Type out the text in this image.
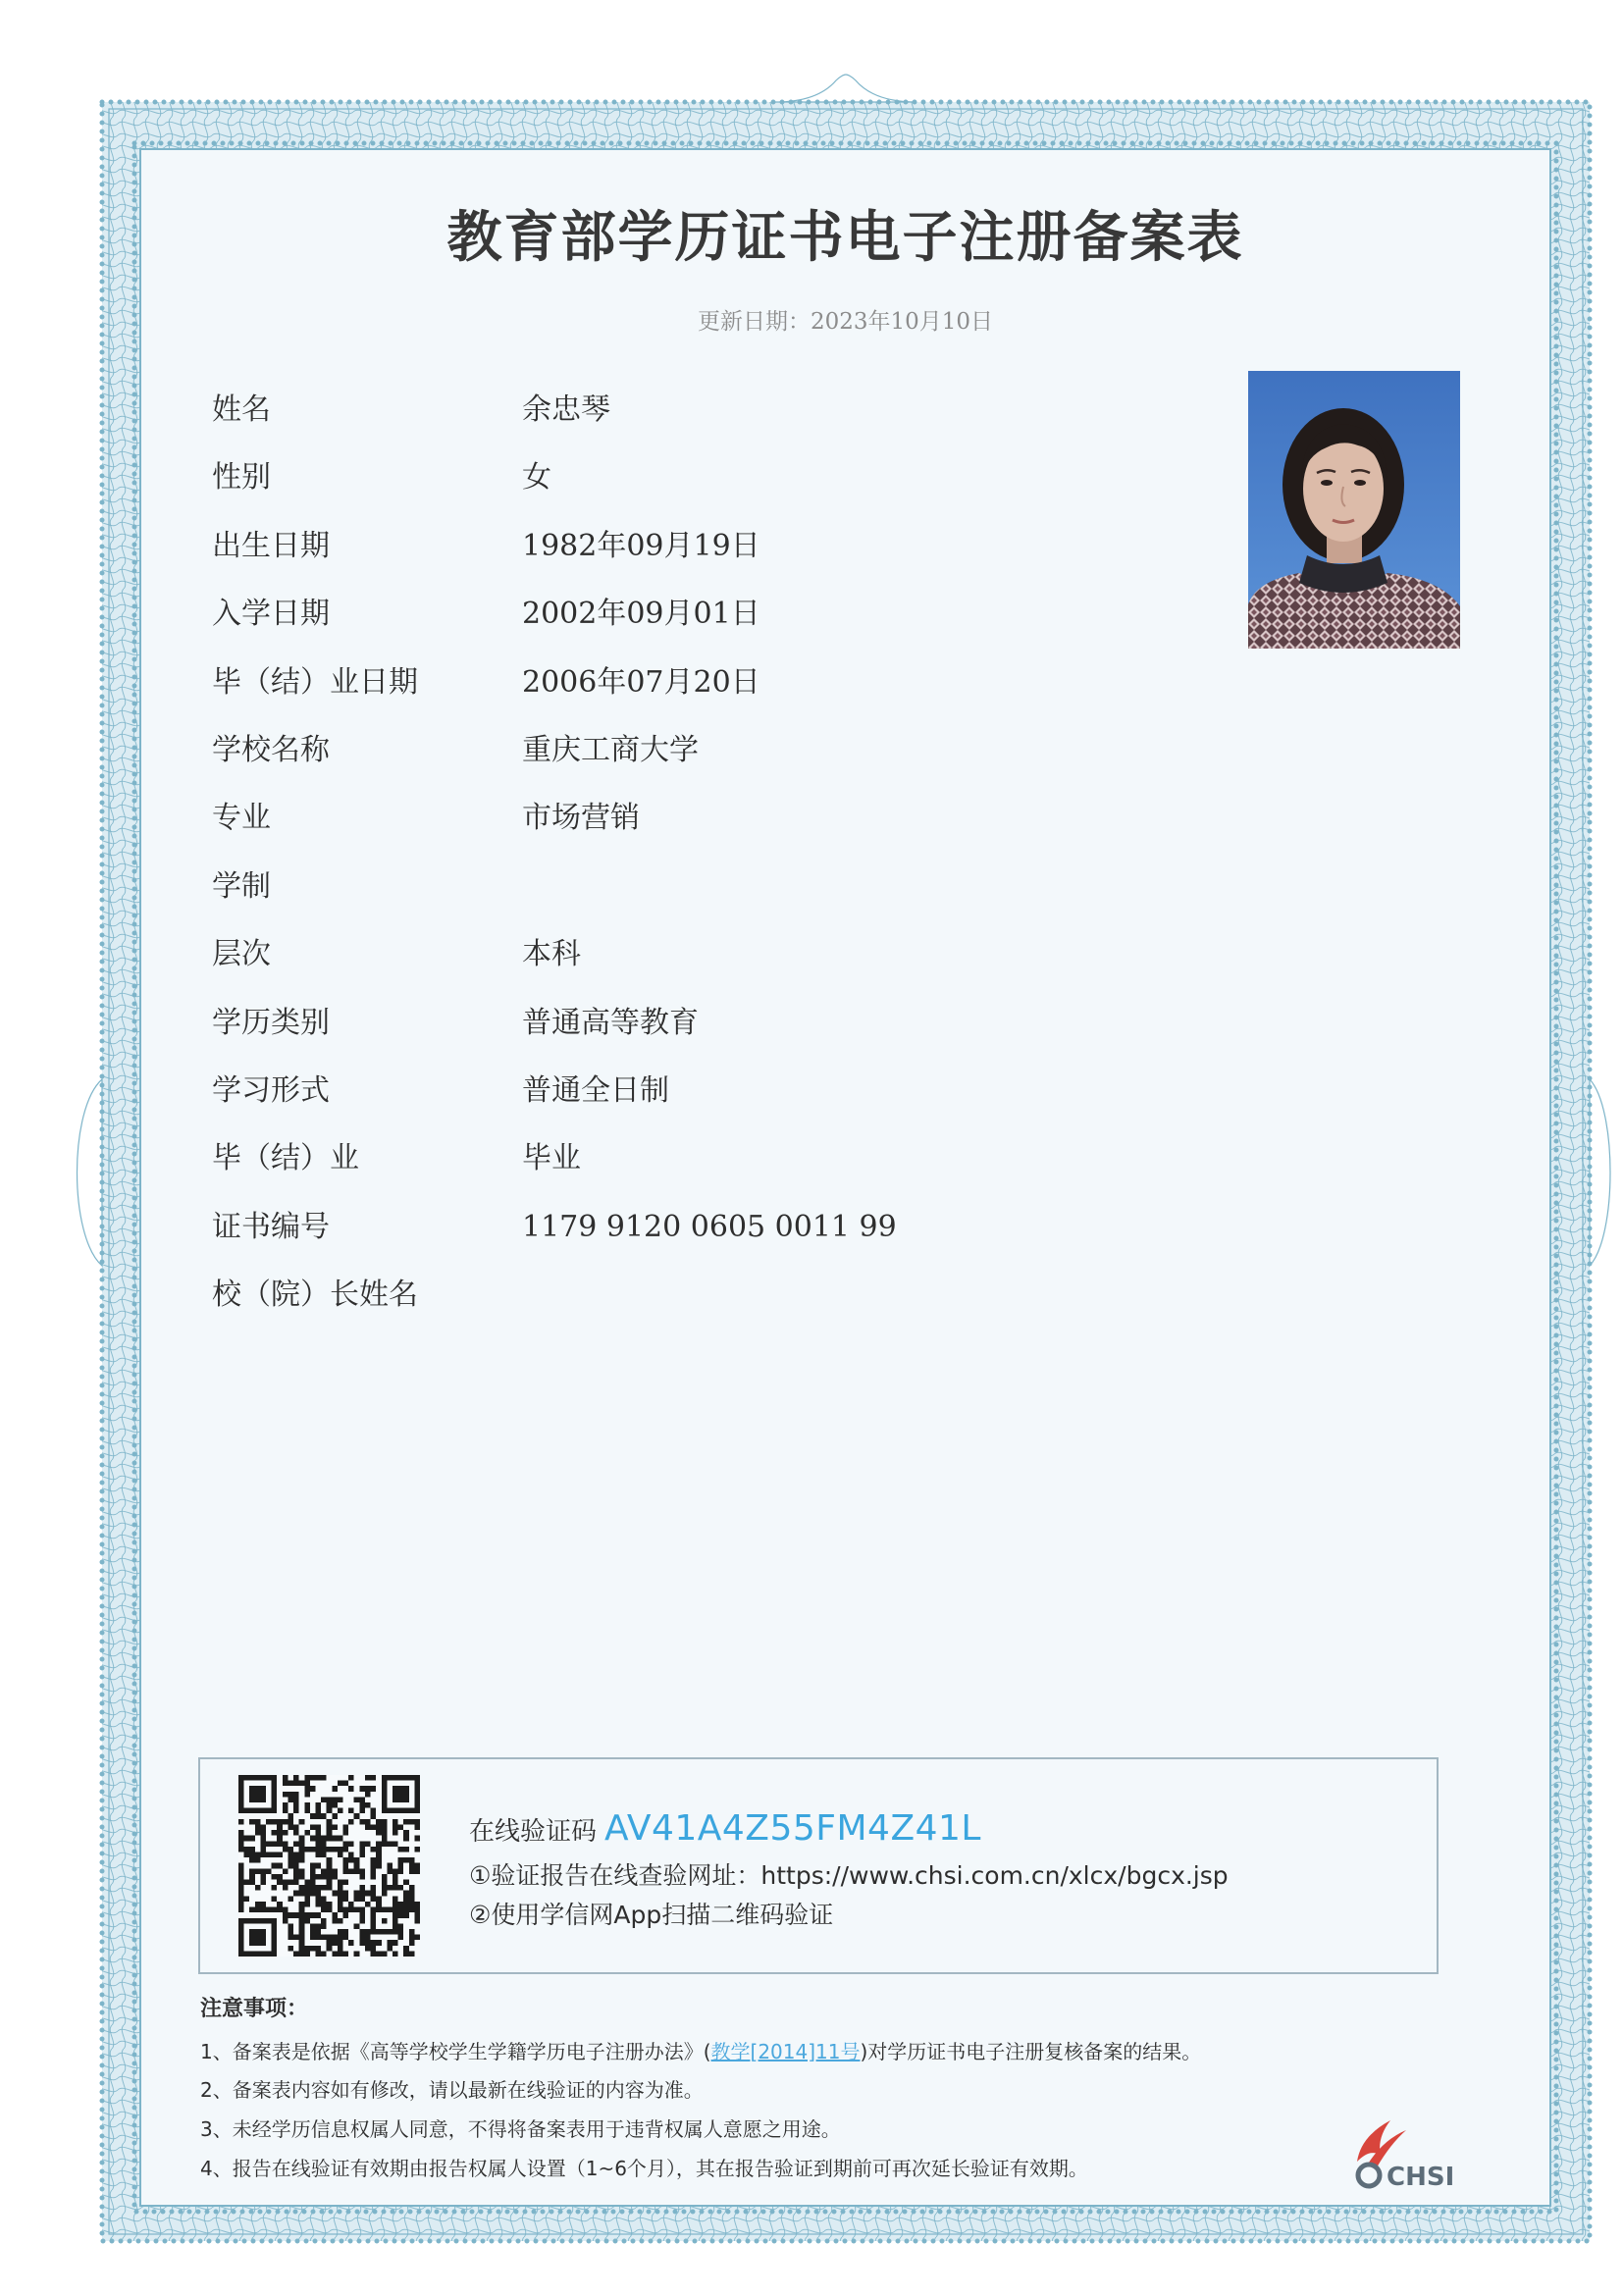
教育部学历证书电子注册备案表
更新日期：2023年10月10日
姓名	余忠琴
性别	女
出生日期	1982年09月19日
入学日期	2002年09月01日
毕（结）业日期	2006年07月20日
学校名称	重庆工商大学
专业	市场营销
学制
层次	本科
学历类别	普通高等教育
学习形式	普通全日制
毕（结）业	毕业
证书编号	1179 9120 0605 0011 99
校（院）长姓名
在线验证码 AV41A4Z55FM4Z41L
①验证报告在线查验网址：https://www.chsi.com.cn/xlcx/bgcx.jsp
②使用学信网App扫描二维码验证
注意事项：
1、备案表是依据《高等学校学生学籍学历电子注册办法》(教学[2014]11号)对学历证书电子注册复核备案的结果。
2、备案表内容如有修改，请以最新在线验证的内容为准。
3、未经学历信息权属人同意，不得将备案表用于违背权属人意愿之用途。
4、报告在线验证有效期由报告权属人设置（1~6个月），其在报告验证到期前可再次延长验证有效期。	CHSI
